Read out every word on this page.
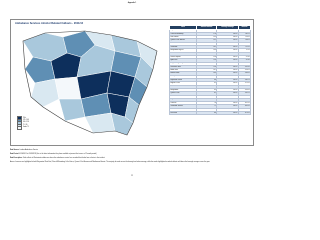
Appendix 1
Ambulance Services Alcohol Related Callouts - 2011/12
150+
125 - 149
100 - 124
75 - 99
Under 75
Ward	Alcohol callouts	Borough average	Variance
Bayswater West End	184	126.47	45.5%
Churchill Broadway	176	126.47	39.2%
Little Venice	155	126.47	22.6%
Queen's Park Harrow	151	126.47	19.4%
Westbourne Bonnie	148	126.47	17.0%
Tachbrook	141	126.47	11.5%
Marylebone High St	133	126.47	5.2%
Warwick	129	126.47	2.0%
Vincent Square	124	126.47	-2.0%
Hyde Park	119	126.47	-5.9%
Knightsbridge Belgravia	114	126.47	-9.9%
Lancaster Gate	110	126.47	-13.0%
Maida Vale	107	126.47	-15.4%
Harrow Road	103	126.47	-18.6%
Abbey Road	99	126.47	-21.7%
Bryanston Dorset	96	126.47	-24.1%
Regent's Park	92	126.47	-27.3%
St James's	88	126.47	-30.4%
Marylebone	85	126.47	-32.8%
Queen's Park	82	126.47	-35.2%
Westbourne	79	126.47	-37.5%
Bayswater	76	126.47	-39.9%
Churchill	74	126.47	-41.5%
Tachbrook Vincent	71	126.47	-43.9%
Lancaster Gate	68	126.47	-46.2%
West End	66	126.47	-47.8%

Data Source: London Ambulance Service

Data Period: 01/04/2011 to 31/03/2012 (this is the latest information they have available at present that covers a 12 month period)

Data Description: Total callouts to Westminster addresses where the ambulance service has recorded that alcohol was a factor in the incident.

Areas of concern are highlighted in bold: Bayswater West End, Churchill Broadway, Little Venice, Queen's Park Harrow and Westbourne Bonnie. The majority of wards across the borough are below average, while the wards highlighted recorded callouts well above the borough average across the year.

22
